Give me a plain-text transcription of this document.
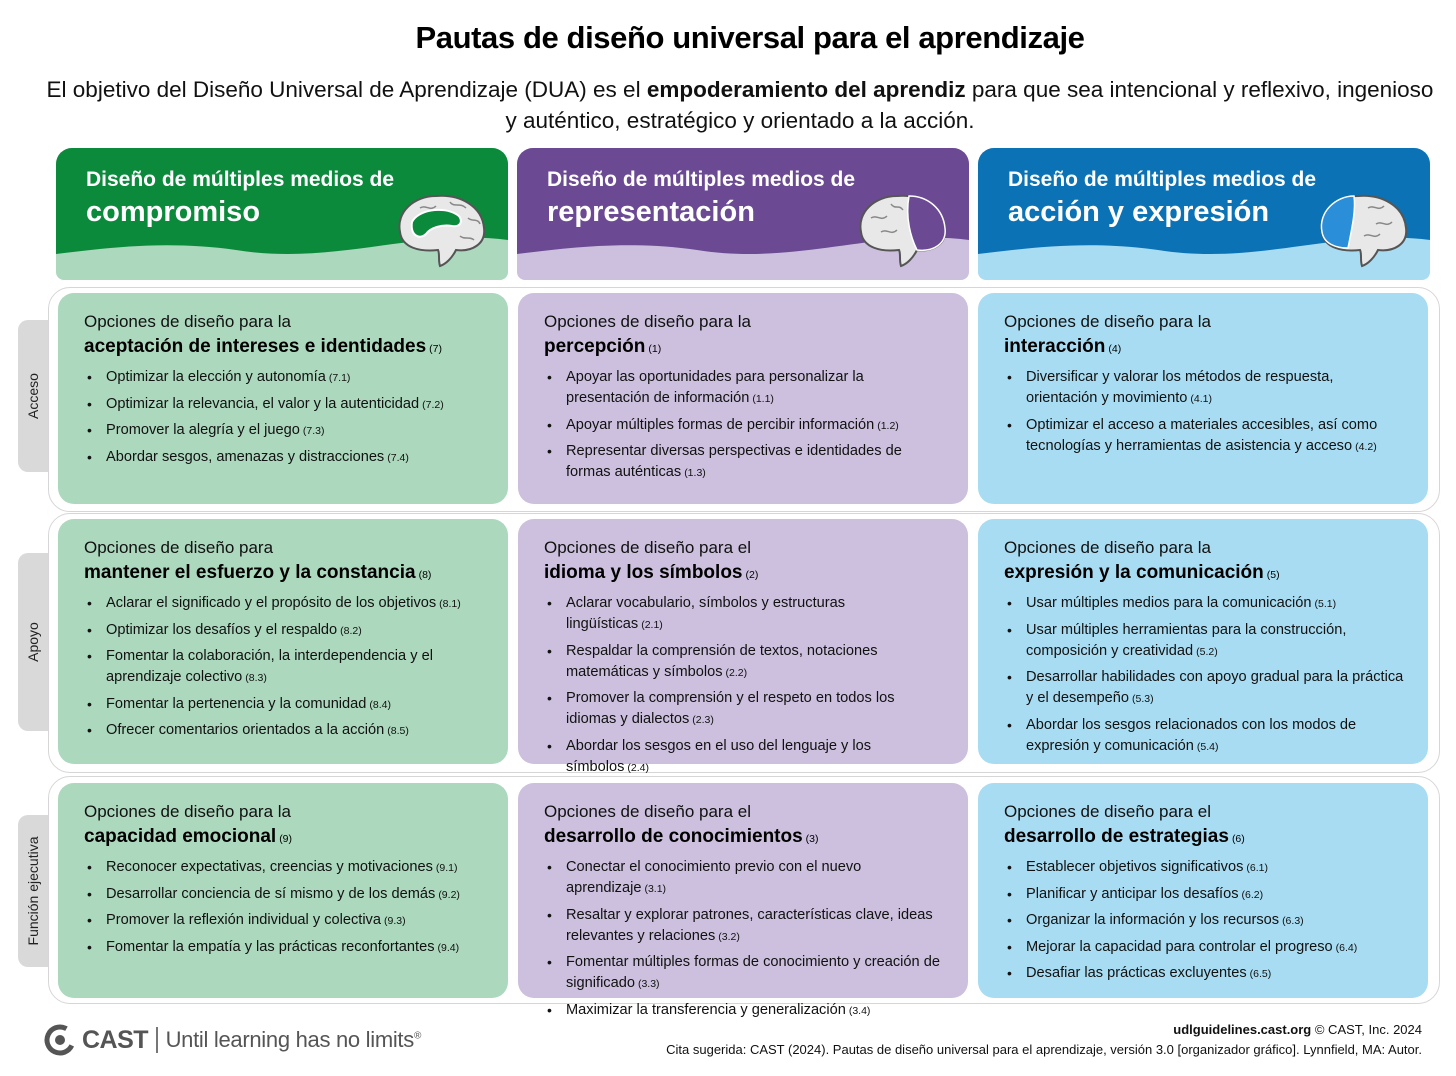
Pautas de diseño universal para el aprendizaje
El objetivo del Diseño Universal de Aprendizaje (DUA) es el empoderamiento del aprendiz para que sea intencional y reflexivo, ingenioso y auténtico, estratégico y orientado a la acción.
Diseño de múltiples medios de
compromiso
Diseño de múltiples medios de
representación
Diseño de múltiples medios de
acción y expresión
Acceso
Apoyo
Función ejecutiva
Opciones de diseño para la
aceptación de intereses e identidades (7)
• Optimizar la elección y autonomía (7.1)
• Optimizar la relevancia, el valor y la autenticidad (7.2)
• Promover la alegría y el juego (7.3)
• Abordar sesgos, amenazas y distracciones (7.4)
Opciones de diseño para la
percepción (1)
• Apoyar las oportunidades para personalizar la presentación de información (1.1)
• Apoyar múltiples formas de percibir información (1.2)
• Representar diversas perspectivas e identidades de formas auténticas (1.3)
Opciones de diseño para la
interacción (4)
• Diversificar y valorar los métodos de respuesta, orientación y movimiento (4.1)
• Optimizar el acceso a materiales accesibles, así como tecnologías y herramientas de asistencia y acceso (4.2)
Opciones de diseño para
mantener el esfuerzo y la constancia (8)
• Aclarar el significado y el propósito de los objetivos (8.1)
• Optimizar los desafíos y el respaldo (8.2)
• Fomentar la colaboración, la interdependencia y el aprendizaje colectivo (8.3)
• Fomentar la pertenencia y la comunidad (8.4)
• Ofrecer comentarios orientados a la acción (8.5)
Opciones de diseño para el
idioma y los símbolos (2)
• Aclarar vocabulario, símbolos y estructuras lingüísticas (2.1)
• Respaldar la comprensión de textos, notaciones matemáticas y símbolos (2.2)
• Promover la comprensión y el respeto en todos los idiomas y dialectos (2.3)
• Abordar los sesgos en el uso del lenguaje y los símbolos (2.4)
•
Opciones de diseño para la
expresión y la comunicación (5)
• Usar múltiples medios para la comunicación (5.1)
• Usar múltiples herramientas para la construcción, composición y creatividad (5.2)
• Desarrollar habilidades con apoyo gradual para la práctica y el desempeño (5.3)
• Abordar los sesgos relacionados con los modos de expresión y comunicación (5.4)
Opciones de diseño para la
capacidad emocional (9)
• Reconocer expectativas, creencias y motivaciones (9.1)
• Desarrollar conciencia de sí mismo y de los demás (9.2)
• Promover la reflexión individual y colectiva (9.3)
• Fomentar la empatía y las prácticas reconfortantes (9.4)
Opciones de diseño para el
desarrollo de conocimientos (3)
• Conectar el conocimiento previo con el nuevo aprendizaje (3.1)
• Resaltar y explorar patrones, características clave, ideas relevantes y relaciones (3.2)
• Fomentar múltiples formas de conocimiento y creación de significado (3.3)
• Maximizar la transferencia y generalización (3.4)
Opciones de diseño para el
desarrollo de estrategias (6)
• Establecer objetivos significativos (6.1)
• Planificar y anticipar los desafíos (6.2)
• Organizar la información y los recursos (6.3)
• Mejorar la capacidad para controlar el progreso (6.4)
• Desafiar las prácticas excluyentes (6.5)
CAST Until learning has no limits®	udlguidelines.cast.org © CAST, Inc. 2024
Cita sugerida: CAST (2024). Pautas de diseño universal para el aprendizaje, versión 3.0 [organizador gráfico]. Lynnfield, MA: Autor.
